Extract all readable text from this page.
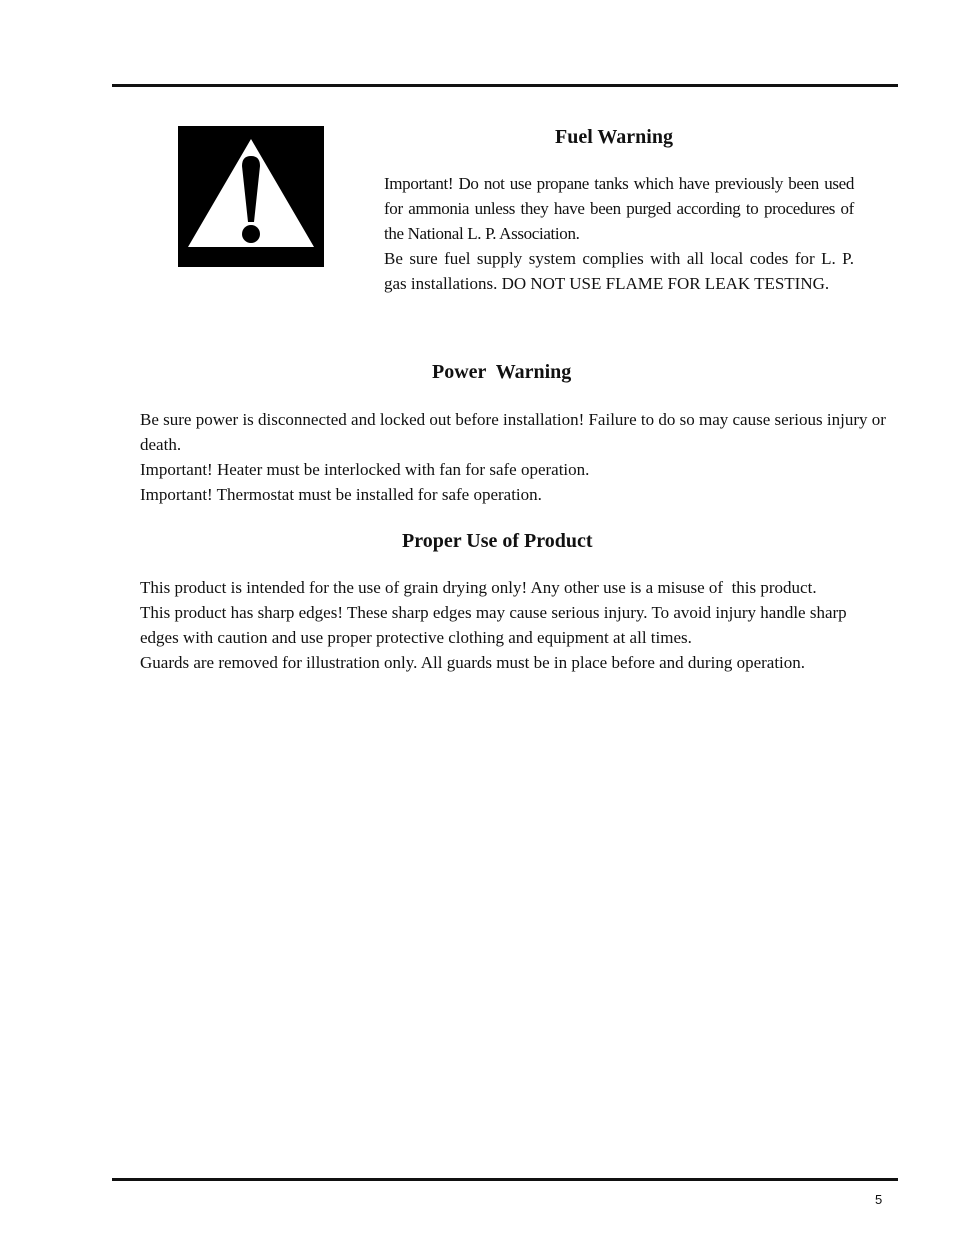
Fuel Warning

Important! Do not use propane tanks which have previously been used for ammonia unless they have been purged according to procedures of the National L. P. Association.

Be sure fuel supply system complies with all local codes for L. P. gas installations. DO NOT USE FLAME FOR LEAK TESTING.

Power  Warning

Be sure power is disconnected and locked out before installation! Failure to do so may cause serious injury or death.

Important! Heater must be interlocked with fan for safe operation.

Important! Thermostat must be installed for safe operation.

Proper Use of Product

This product is intended for the use of grain drying only! Any other use is a misuse of  this product.

This product has sharp edges! These sharp edges may cause serious injury. To avoid injury handle sharp edges with caution and use proper protective clothing and equipment at all times.

Guards are removed for illustration only. All guards must be in place before and during operation.

5
